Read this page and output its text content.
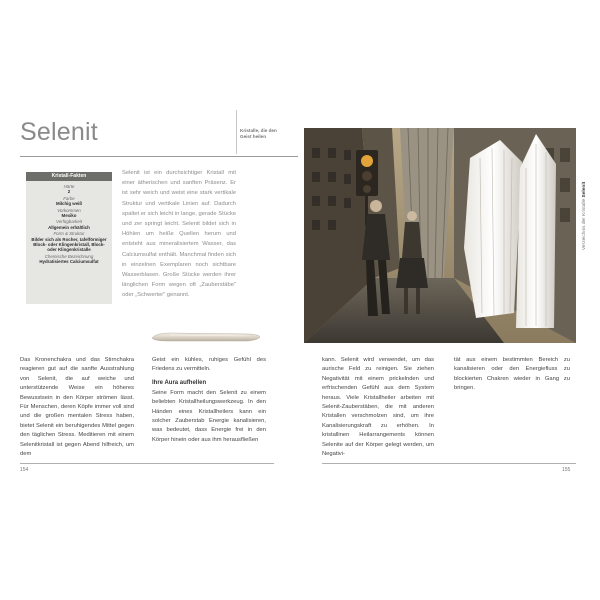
Selenit	Kristalle, die den Geist heilen
Kristall-Fakten
Härte
2
Farbe
Milchig weiß
Vorkommen
Mexiko
Verfügbarkeit
Allgemein erhältlich
Form & Struktur
Bilder sich als Rocher, tafelförmiger Block- oder Klingenkristall, Block- oder Klingenkristalle
Chemische Bezeichnung
Hydratisiertes Calciumsulfat
Selenit ist ein durchsichtiger Kristall mit einer ätherischen und sanften Präsenz. Er ist sehr weich und weist eine stark vertikale Struktur und vertikale Linien auf. Dadurch spaltet er sich leicht in lange, gerade Stücke und zer springt leicht. Selenit bildet sich in Höhlen um heiße Quellen herum und entsteht aus mineralisiertem Wasser, das Calciumsulfat enthält. Manchmal finden sich in einzelnen Exemplaren noch sichtbare Wasserblasen. Große Stücke werden ihrer länglichen Form wegen oft „Zauberstäbe" oder „Schwerter" genannt.
Verzeichnis der Kristalle Selenit

Das Kronenchakra und das Stirnchakra reagieren gut auf die sanfte Ausstrahlung von Selenit, die auf weiche und unterstützende Weise ein höheres Bewusstsein in den Körper strömen lässt. Für Menschen, deren Köpfe immer voll sind und die großen mentalen Stress haben, bietet Selenit ein beruhigendes Mittel gegen den täglichen Stress. Meditieren mit einem Selenitkristall ist gegen Abend hilfreich, um dem

Geist ein kühles, ruhiges Gefühl des Friedens zu vermitteln.

Ihre Aura aufhellen

Seine Form macht den Selenit zu einem beliebten Kristallheilungswerkzeug. In den Händen eines Kristallheilers kann ein solcher Zauberstab Energie kanalisieren, was bedeutet, dass Energie frei in den Körper hinein oder aus ihm herausfließen

kann. Selenit wird verwendet, um das aurische Feld zu reinigen. Sie ziehen Negativität mit einem prickelnden und erfrischenden Gefühl aus dem System heraus. Viele Kristallheiler arbeiten mit Selenit-Zauberstäben, die mit anderen Kristallen verschmolzen sind, um ihre Kanalisierungskraft zu erhöhen. In kristallinen Heilarrangements können Selenite auf der Körper gelegt werden, um Negativi-

tät aus einem bestimmten Bereich zu kanalisieren oder den Energiefluss zu blockierten Chakren wieder in Gang zu bringen.

154	155
